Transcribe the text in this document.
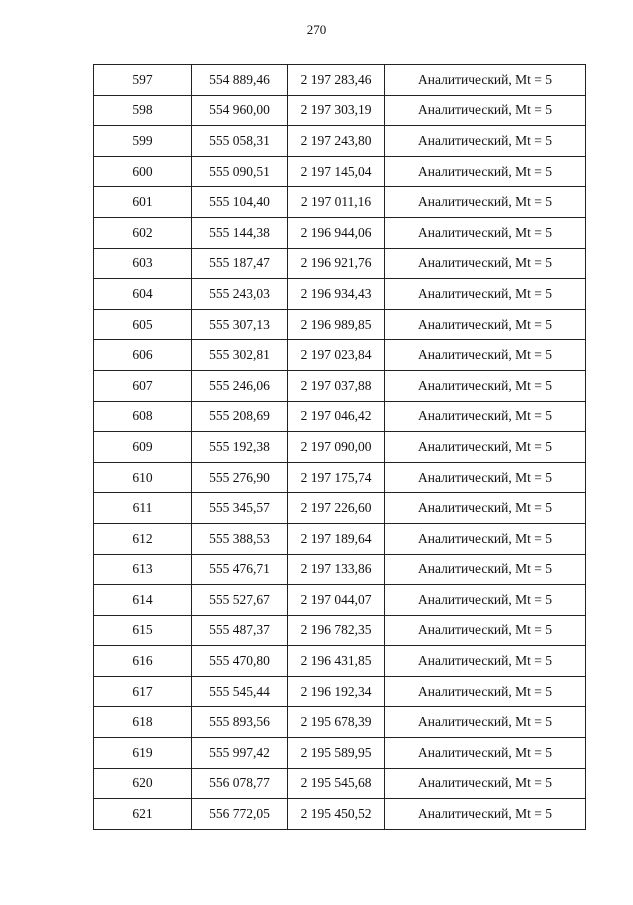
270
597	554 889,46	2 197 283,46	Аналитический, Mt = 5
598	554 960,00	2 197 303,19	Аналитический, Mt = 5
599	555 058,31	2 197 243,80	Аналитический, Mt = 5
600	555 090,51	2 197 145,04	Аналитический, Mt = 5
601	555 104,40	2 197 011,16	Аналитический, Mt = 5
602	555 144,38	2 196 944,06	Аналитический, Mt = 5
603	555 187,47	2 196 921,76	Аналитический, Mt = 5
604	555 243,03	2 196 934,43	Аналитический, Mt = 5
605	555 307,13	2 196 989,85	Аналитический, Mt = 5
606	555 302,81	2 197 023,84	Аналитический, Mt = 5
607	555 246,06	2 197 037,88	Аналитический, Mt = 5
608	555 208,69	2 197 046,42	Аналитический, Mt = 5
609	555 192,38	2 197 090,00	Аналитический, Mt = 5
610	555 276,90	2 197 175,74	Аналитический, Mt = 5
611	555 345,57	2 197 226,60	Аналитический, Mt = 5
612	555 388,53	2 197 189,64	Аналитический, Mt = 5
613	555 476,71	2 197 133,86	Аналитический, Mt = 5
614	555 527,67	2 197 044,07	Аналитический, Mt = 5
615	555 487,37	2 196 782,35	Аналитический, Mt = 5
616	555 470,80	2 196 431,85	Аналитический, Mt = 5
617	555 545,44	2 196 192,34	Аналитический, Mt = 5
618	555 893,56	2 195 678,39	Аналитический, Mt = 5
619	555 997,42	2 195 589,95	Аналитический, Mt = 5
620	556 078,77	2 195 545,68	Аналитический, Mt = 5
621	556 772,05	2 195 450,52	Аналитический, Mt = 5
